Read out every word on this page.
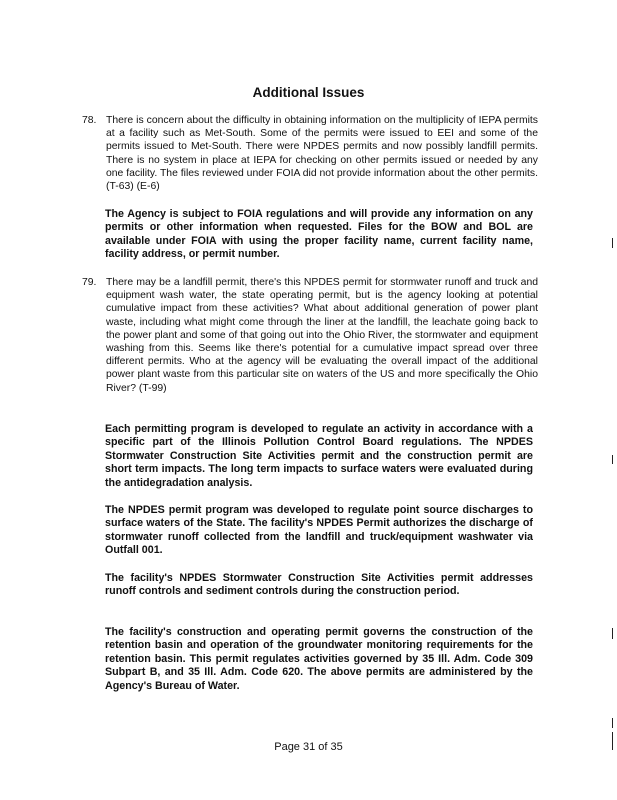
Additional Issues
78. There is concern about the difficulty in obtaining information on the multiplicity of IEPA permits at a facility such as Met-South. Some of the permits were issued to EEI and some of the permits issued to Met-South. There were NPDES permits and now possibly landfill permits. There is no system in place at IEPA for checking on other permits issued or needed by any one facility. The files reviewed under FOIA did not provide information about the other permits. (T-63) (E-6)
The Agency is subject to FOIA regulations and will provide any information on any permits or other information when requested. Files for the BOW and BOL are available under FOIA with using the proper facility name, current facility name, facility address, or permit number.
79. There may be a landfill permit, there's this NPDES permit for stormwater runoff and truck and equipment wash water, the state operating permit, but is the agency looking at potential cumulative impact from these activities? What about additional generation of power plant waste, including what might come through the liner at the landfill, the leachate going back to the power plant and some of that going out into the Ohio River, the stormwater and equipment washing from this. Seems like there's potential for a cumulative impact spread over three different permits. Who at the agency will be evaluating the overall impact of the additional power plant waste from this particular site on waters of the US and more specifically the Ohio River? (T-99)
Each permitting program is developed to regulate an activity in accordance with a specific part of the Illinois Pollution Control Board regulations. The NPDES Stormwater Construction Site Activities permit and the construction permit are short term impacts. The long term impacts to surface waters were evaluated during the antidegradation analysis.
The NPDES permit program was developed to regulate point source discharges to surface waters of the State. The facility's NPDES Permit authorizes the discharge of stormwater runoff collected from the landfill and truck/equipment washwater via Outfall 001.
The facility's NPDES Stormwater Construction Site Activities permit addresses runoff controls and sediment controls during the construction period.
The facility's construction and operating permit governs the construction of the retention basin and operation of the groundwater monitoring requirements for the retention basin. This permit regulates activities governed by 35 Ill. Adm. Code 309 Subpart B, and 35 Ill. Adm. Code 620. The above permits are administered by the Agency's Bureau of Water.
Page 31 of 35
